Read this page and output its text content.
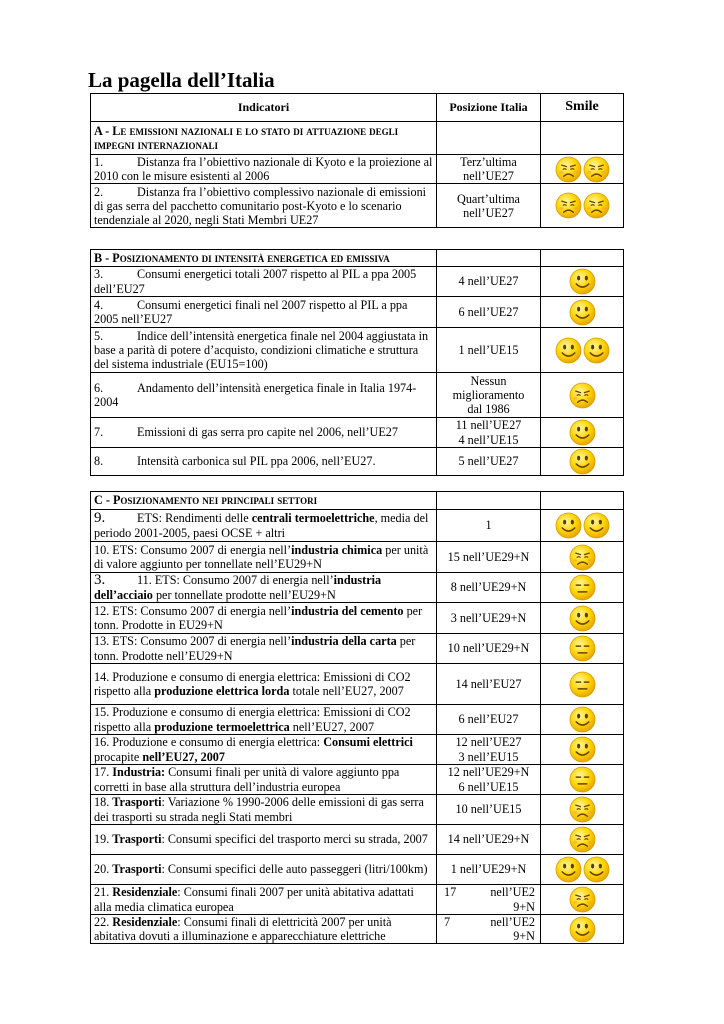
La pagella dell’Italia
Indicatori	Posizione Italia	Smile
A - Le emissioni nazionali e lo stato di attuazione degli impegni internazionali		
1. Distanza fra l’obiettivo nazionale di Kyoto e la proiezione al 2010 con le misure esistenti al 2006	Terz’ultima
nell’UE27	

2. Distanza fra l’obiettivo complessivo nazionale di emissioni di gas serra del pacchetto comunitario post-Kyoto e lo scenario tendenziale al 2020, negli Stati Membri UE27	Quart’ultima
nell’UE27	
B - Posizionamento di intensità energetica ed emissiva		
3. Consumi energetici totali 2007 rispetto al PIL a ppa 2005 dell’EU27	4 nell’UE27	

4. Consumi energetici finali nel 2007 rispetto al PIL a ppa 2005 nell’EU27	6 nell’UE27	

5. Indice dell’intensità energetica finale nel 2004 aggiustata in base a parità di potere d’acquisto, condizioni climatiche e struttura del sistema industriale (EU15=100)	1 nell’UE15	

6. Andamento dell’intensità energetica finale in Italia 1974-2004	Nessun
miglioramento
dal 1986	

7. Emissioni di gas serra pro capite nel 2006, nell’UE27	11 nell’UE27
4 nell’UE15	

8. Intensità carbonica sul PIL ppa 2006, nell’EU27.	5 nell’UE27	
C - Posizionamento nei principali settori		
9. ETS: Rendimenti delle centrali termoelettriche, media del periodo 2001-2005, paesi OCSE + altri	1	

10. ETS: Consumo 2007 di energia nell’industria chimica per unità di valore aggiunto per tonnellate nell’EU29+N	15 nell’UE29+N	

3. 11. ETS: Consumo 2007 di energia nell’industria dell’acciaio per tonnellate prodotte nell’EU29+N	8 nell’UE29+N	

12. ETS: Consumo 2007 di energia nell’industria del cemento per tonn. Prodotte in EU29+N	3 nell’UE29+N	

13. ETS: Consumo 2007 di energia nell’industria della carta per tonn. Prodotte nell’EU29+N	10 nell’UE29+N	

14. Produzione e consumo di energia elettrica: Emissioni di CO2 rispetto alla produzione elettrica lorda totale nell’EU27, 2007	14 nell’EU27	

15. Produzione e consumo di energia elettrica: Emissioni di CO2 rispetto alla produzione termoelettrica nell’EU27, 2007	6 nell’EU27	

16. Produzione e consumo di energia elettrica: Consumi elettrici procapite nell’EU27, 2007	12 nell’UE27
3 nell’EU15	

17. Industria: Consumi finali per unità di valore aggiunto ppa corretti in base alla struttura dell’industria europea	12 nell’UE29+N
6 nell’UE15	

18. Trasporti: Variazione % 1990-2006 delle emissioni di gas serra dei trasporti su strada negli Stati membri	10 nell’UE15	

19. Trasporti: Consumi specifici del trasporto merci su strada, 2007	14 nell’UE29+N	

20. Trasporti: Consumi specifici delle auto passeggeri (litri/100km)	1 nell’UE29+N	

21. Residenziale: Consumi finali 2007 per unità abitativa adattati alla media climatica europea	17 nell’UE2
9+N

22. Residenziale: Consumi finali di elettricità 2007 per unità abitativa dovuti a illuminazione e apparecchiature elettriche	7 nell’UE2
9+N
